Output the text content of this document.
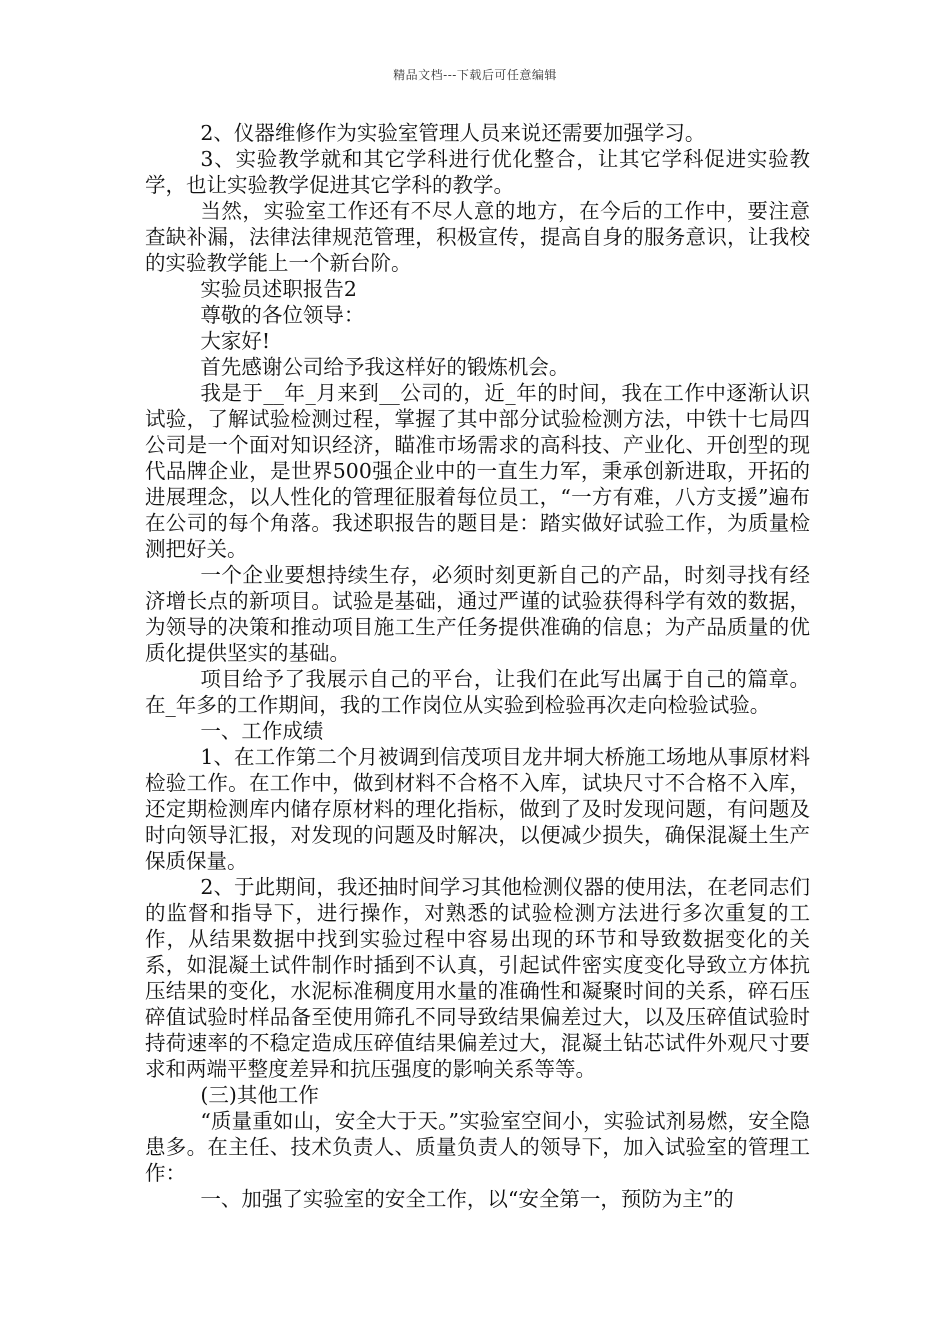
精品文档---下载后可任意编辑

2、仪器维修作为实验室管理人员来说还需要加强学习。

3、实验教学就和其它学科进行优化整合，让其它学科促进实验教学，也让实验教学促进其它学科的教学。

当然，实验室工作还有不尽人意的地方，在今后的工作中，要注意查缺补漏，法律法律规范管理，积极宣传，提高自身的服务意识，让我校的实验教学能上一个新台阶。

实验员述职报告2

尊敬的各位领导：

大家好!

首先感谢公司给予我这样好的锻炼机会。

我是于__年_月来到__公司的，近_年的时间，我在工作中逐渐认识试验，了解试验检测过程，掌握了其中部分试验检测方法，中铁十七局四公司是一个面对知识经济，瞄准市场需求的高科技、产业化、开创型的现代品牌企业，是世界500强企业中的一直生力军，秉承创新进取，开拓的进展理念，以人性化的管理征服着每位员工，“一方有难，八方支援”遍布在公司的每个角落。我述职报告的题目是：踏实做好试验工作，为质量检测把好关。

一个企业要想持续生存，必须时刻更新自己的产品，时刻寻找有经济增长点的新项目。试验是基础，通过严谨的试验获得科学有效的数据，为领导的决策和推动项目施工生产任务提供准确的信息；为产品质量的优质化提供坚实的基础。

项目给予了我展示自己的平台，让我们在此写出属于自己的篇章。在_年多的工作期间，我的工作岗位从实验到检验再次走向检验试验。

一、工作成绩

1、在工作第二个月被调到信茂项目龙井垌大桥施工场地从事原材料检验工作。在工作中，做到材料不合格不入库，试块尺寸不合格不入库，还定期检测库内储存原材料的理化指标，做到了及时发现问题，有问题及时向领导汇报，对发现的问题及时解决，以便减少损失，确保混凝土生产保质保量。

2、于此期间，我还抽时间学习其他检测仪器的使用法，在老同志们的监督和指导下，进行操作，对熟悉的试验检测方法进行多次重复的工作，从结果数据中找到实验过程中容易出现的环节和导致数据变化的关系，如混凝土试件制作时插到不认真，引起试件密实度变化导致立方体抗压结果的变化，水泥标准稠度用水量的准确性和凝聚时间的关系，碎石压碎值试验时样品备至使用筛孔不同导致结果偏差过大，以及压碎值试验时持荷速率的不稳定造成压碎值结果偏差过大，混凝土钻芯试件外观尺寸要求和两端平整度差异和抗压强度的影响关系等等。

(三)其他工作

“质量重如山，安全大于天。”实验室空间小，实验试剂易燃，安全隐患多。在主任、技术负责人、质量负责人的领导下，加入试验室的管理工作：

一、加强了实验室的安全工作，以“安全第一，预防为主”的
